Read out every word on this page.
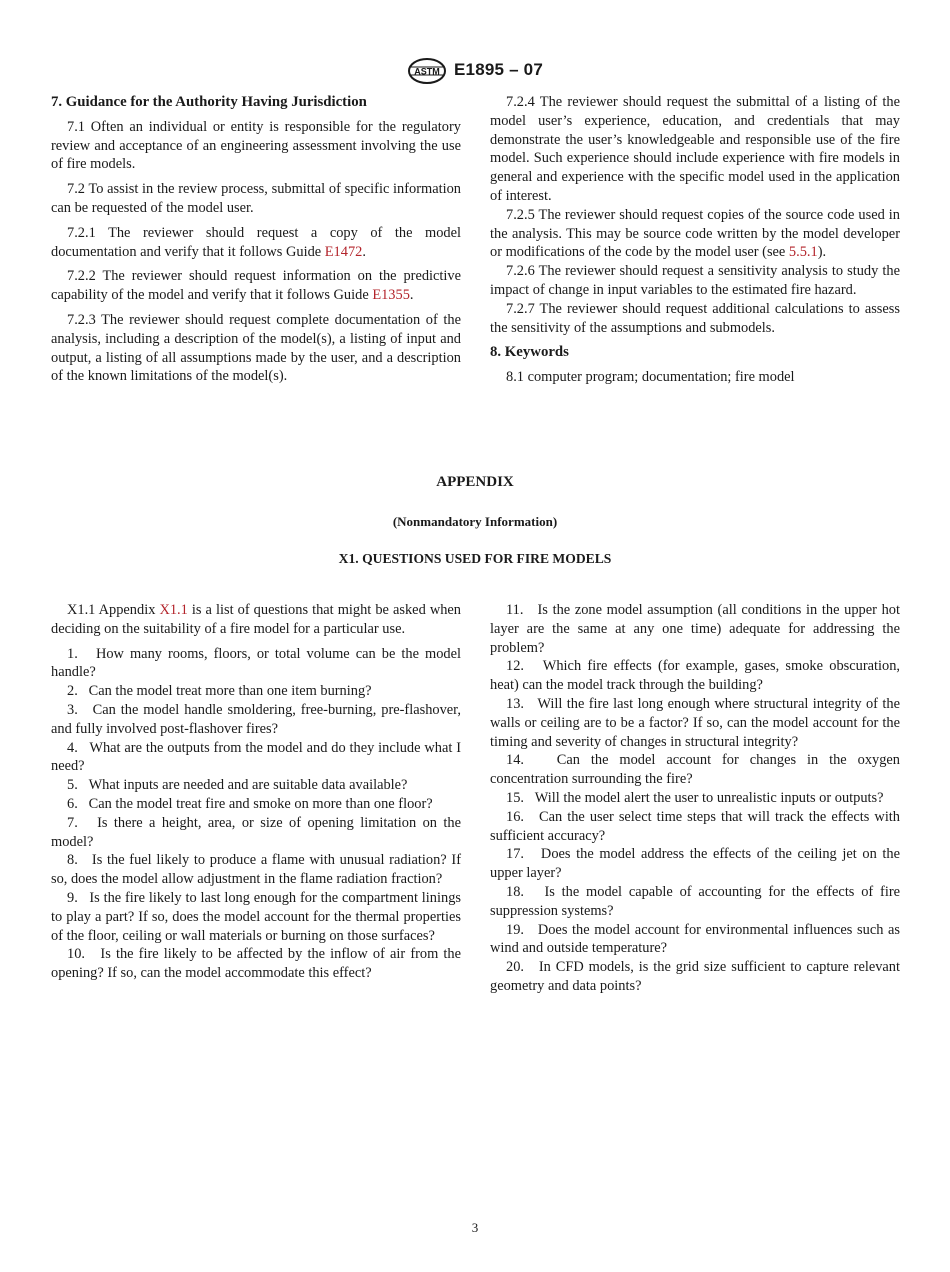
ASTM E1895 – 07

7. Guidance for the Authority Having Jurisdiction

7.1 Often an individual or entity is responsible for the regulatory review and acceptance of an engineering assessment involving the use of fire models.

7.2 To assist in the review process, submittal of specific information can be requested of the model user.

7.2.1 The reviewer should request a copy of the model documentation and verify that it follows Guide E1472.

7.2.2 The reviewer should request information on the predictive capability of the model and verify that it follows Guide E1355.

7.2.3 The reviewer should request complete documentation of the analysis, including a description of the model(s), a listing of input and output, a listing of all assumptions made by the user, and a description of the known limitations of the model(s).

7.2.4 The reviewer should request the submittal of a listing of the model user’s experience, education, and credentials that may demonstrate the user’s knowledgeable and responsible use of the fire model. Such experience should include experience with fire models in general and experience with the specific model used in the application of interest.

7.2.5 The reviewer should request copies of the source code used in the analysis. This may be source code written by the model developer or modifications of the code by the model user (see 5.5.1).

7.2.6 The reviewer should request a sensitivity analysis to study the impact of change in input variables to the estimated fire hazard.

7.2.7 The reviewer should request additional calculations to assess the sensitivity of the assumptions and submodels.

8. Keywords

8.1 computer program; documentation; fire model

APPENDIX
(Nonmandatory Information)
X1. QUESTIONS USED FOR FIRE MODELS

X1.1 Appendix X1.1 is a list of questions that might be asked when deciding on the suitability of a fire model for a particular use.

1. How many rooms, floors, or total volume can be the model handle?

2. Can the model treat more than one item burning?

3. Can the model handle smoldering, free-burning, pre-flashover, and fully involved post-flashover fires?

4. What are the outputs from the model and do they include what I need?

5. What inputs are needed and are suitable data available?

6. Can the model treat fire and smoke on more than one floor?

7. Is there a height, area, or size of opening limitation on the model?

8. Is the fuel likely to produce a flame with unusual radiation? If so, does the model allow adjustment in the flame radiation fraction?

9. Is the fire likely to last long enough for the compartment linings to play a part? If so, does the model account for the thermal properties of the floor, ceiling or wall materials or burning on those surfaces?

10. Is the fire likely to be affected by the inflow of air from the opening? If so, can the model accommodate this effect?

11. Is the zone model assumption (all conditions in the upper hot layer are the same at any one time) adequate for addressing the problem?

12. Which fire effects (for example, gases, smoke obscuration, heat) can the model track through the building?

13. Will the fire last long enough where structural integrity of the walls or ceiling are to be a factor? If so, can the model account for the timing and severity of changes in structural integrity?

14. Can the model account for changes in the oxygen concentration surrounding the fire?

15. Will the model alert the user to unrealistic inputs or outputs?

16. Can the user select time steps that will track the effects with sufficient accuracy?

17. Does the model address the effects of the ceiling jet on the upper layer?

18. Is the model capable of accounting for the effects of fire suppression systems?

19. Does the model account for environmental influences such as wind and outside temperature?

20. In CFD models, is the grid size sufficient to capture relevant geometry and data points?

3
